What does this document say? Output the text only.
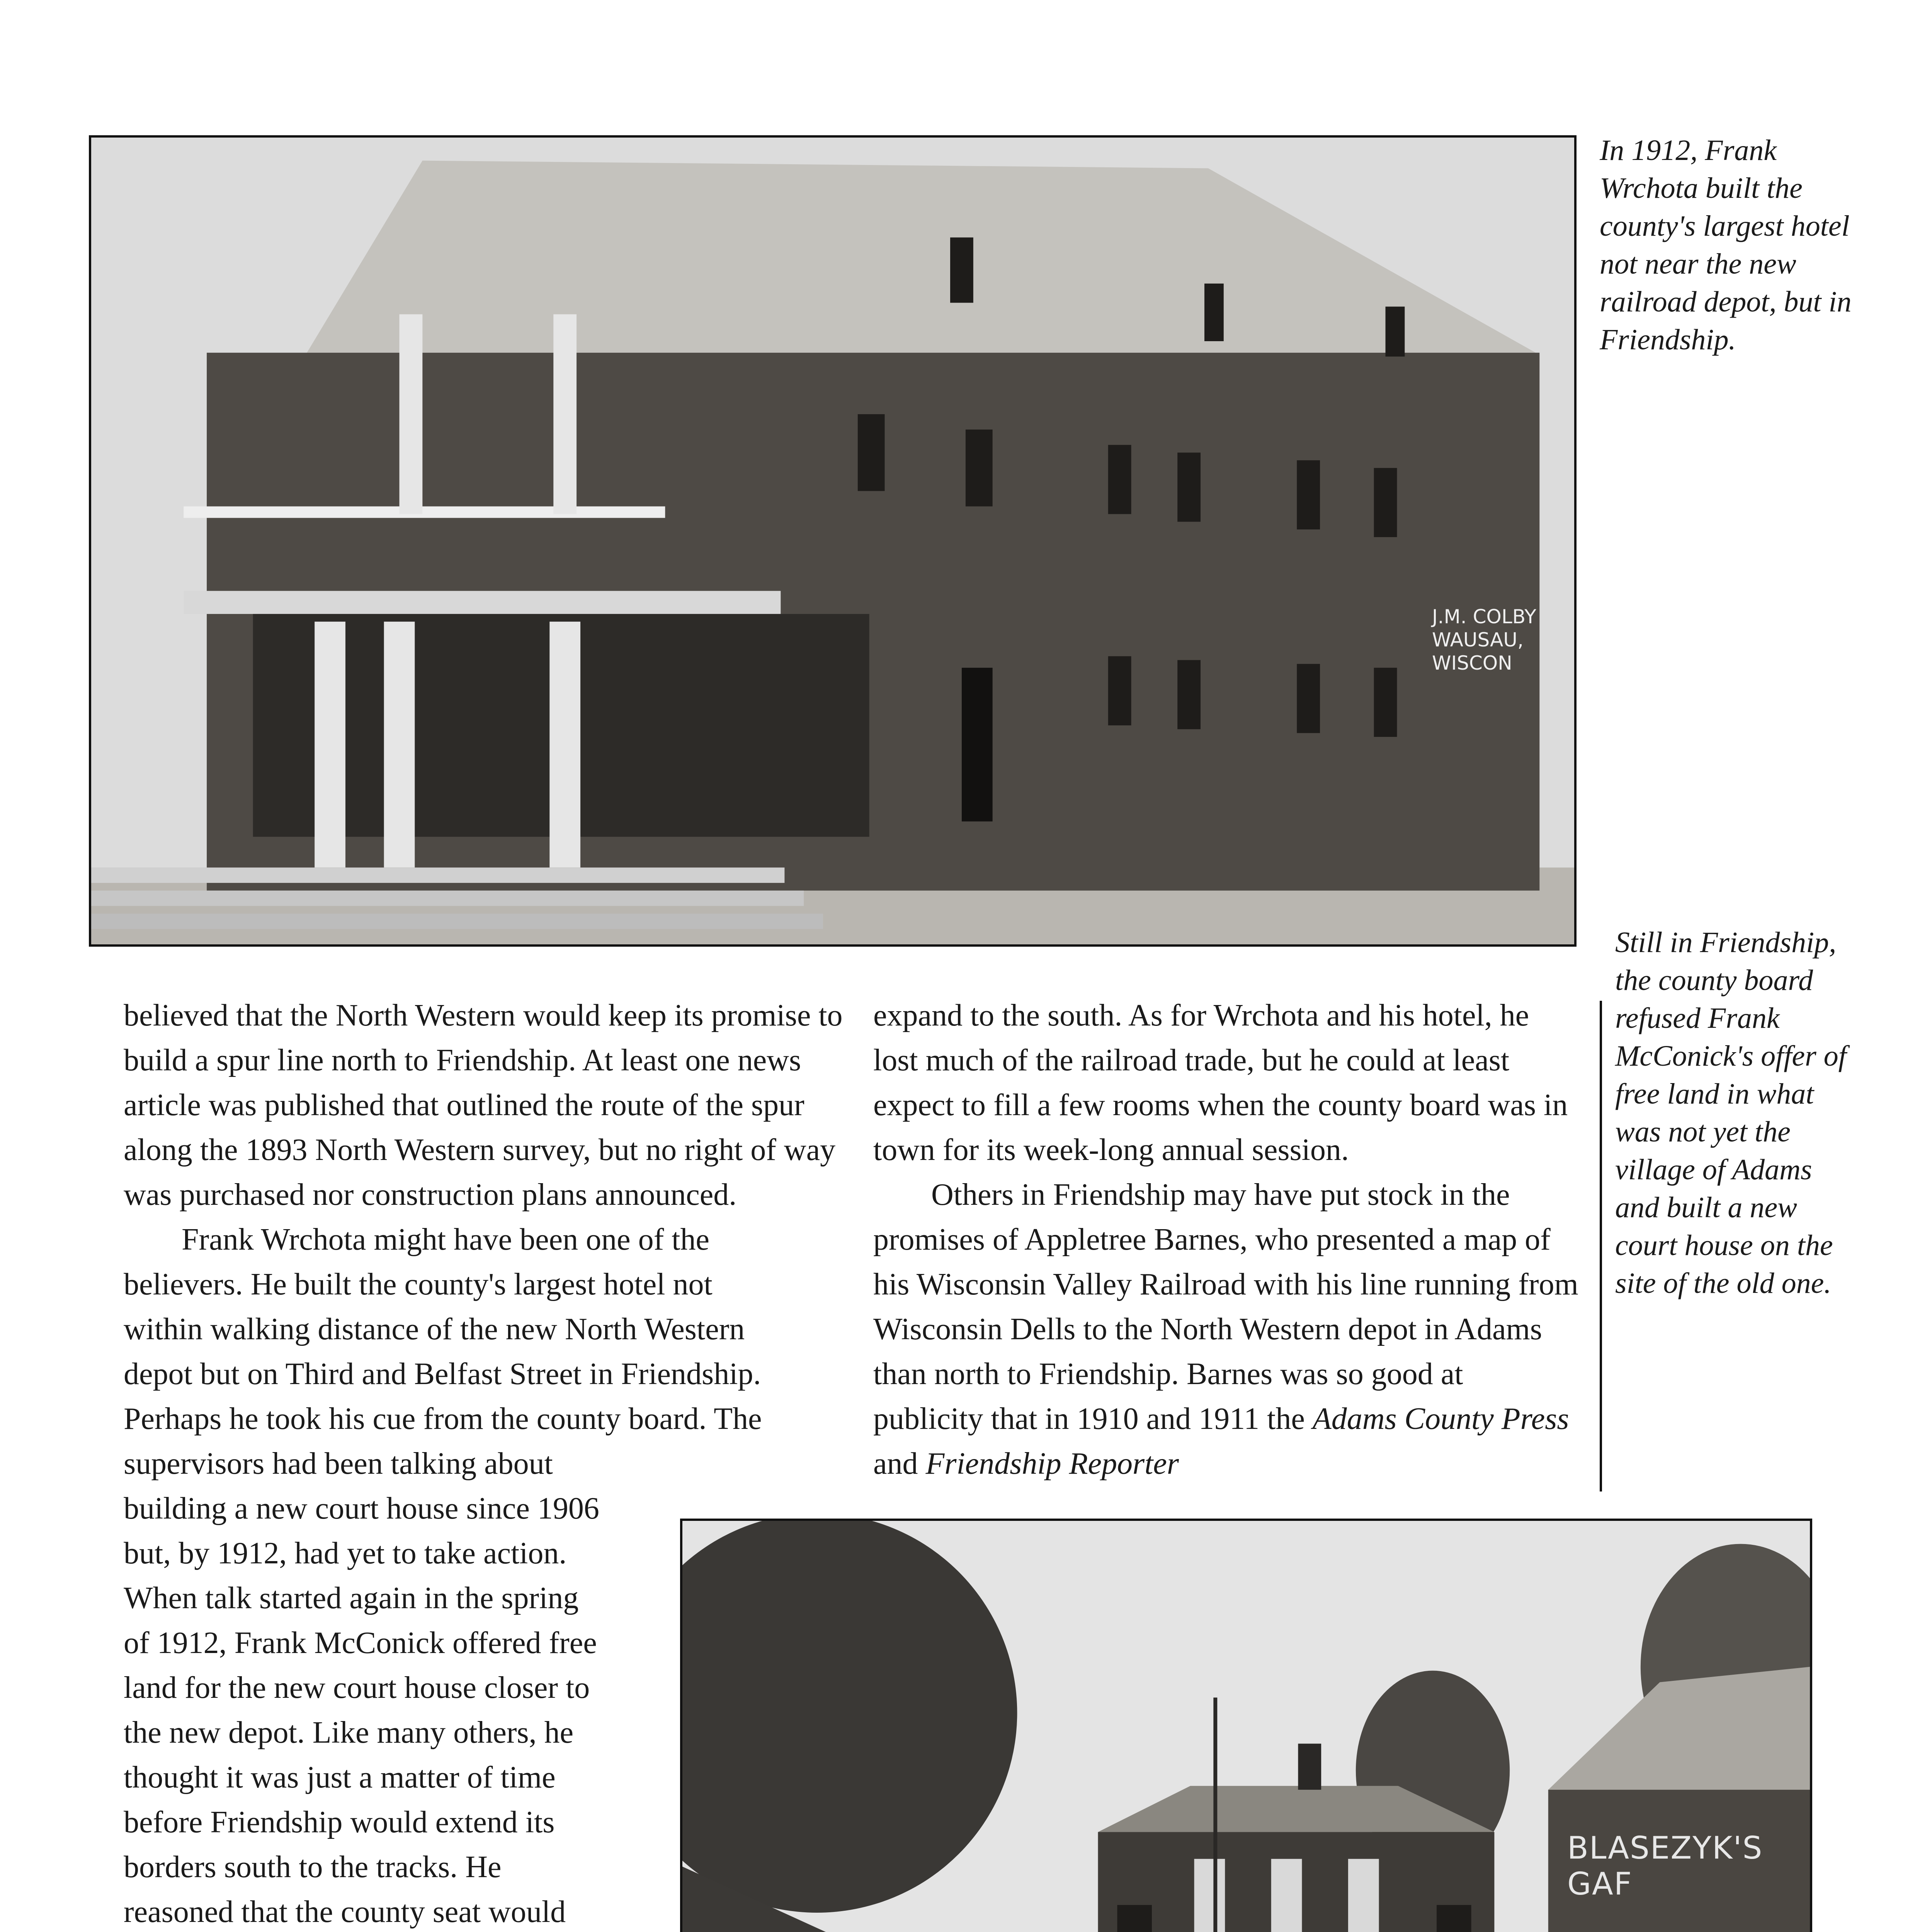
J.M. COLBY WAUSAU, WISCON
In 1912, Frank Wrchota built the county's largest hotel not near the new railroad depot, but in Friendship.
Still in Friendship, the county board refused Frank McConick's offer of free land in what was not yet the village of Adams and built a new court house on the site of the old one.

believed that the North Western would keep its promise to build a spur line north to Friendship. At least one news article was published that outlined the route of the spur along the 1893 North Western survey, but no right of way was purchased nor construction plans announced.

Frank Wrchota might have been one of the
believers. He built the county's largest hotel not
within walking distance of the new North Western
depot but on Third and Belfast Street in Friendship.
Perhaps he took his cue from the county board. The
supervisors had been talking about
building a new court house since 1906
but, by 1912, had yet to take action.
When talk started again in the spring
of 1912, Frank McConick offered free
land for the new court house closer to
the new depot. Like many others, he
thought it was just a matter of time
before Friendship would extend its
borders south to the tracks. He
reasoned that the county seat would

expand to the south. As for Wrchota and his hotel, he lost much of the railroad trade, but he could at least expect to fill a few rooms when the county board was in town for its week-long annual session.

Others in Friendship may have put stock in the promises of Appletree Barnes, who presented a map of his Wisconsin Valley Railroad with his line running from Wisconsin Dells to the North Western depot in Adams than north to Friendship. Barnes was so good at publicity that in 1910 and 1911 the Adams County Press and Friendship Reporter

BLASEZYK'S GAF
